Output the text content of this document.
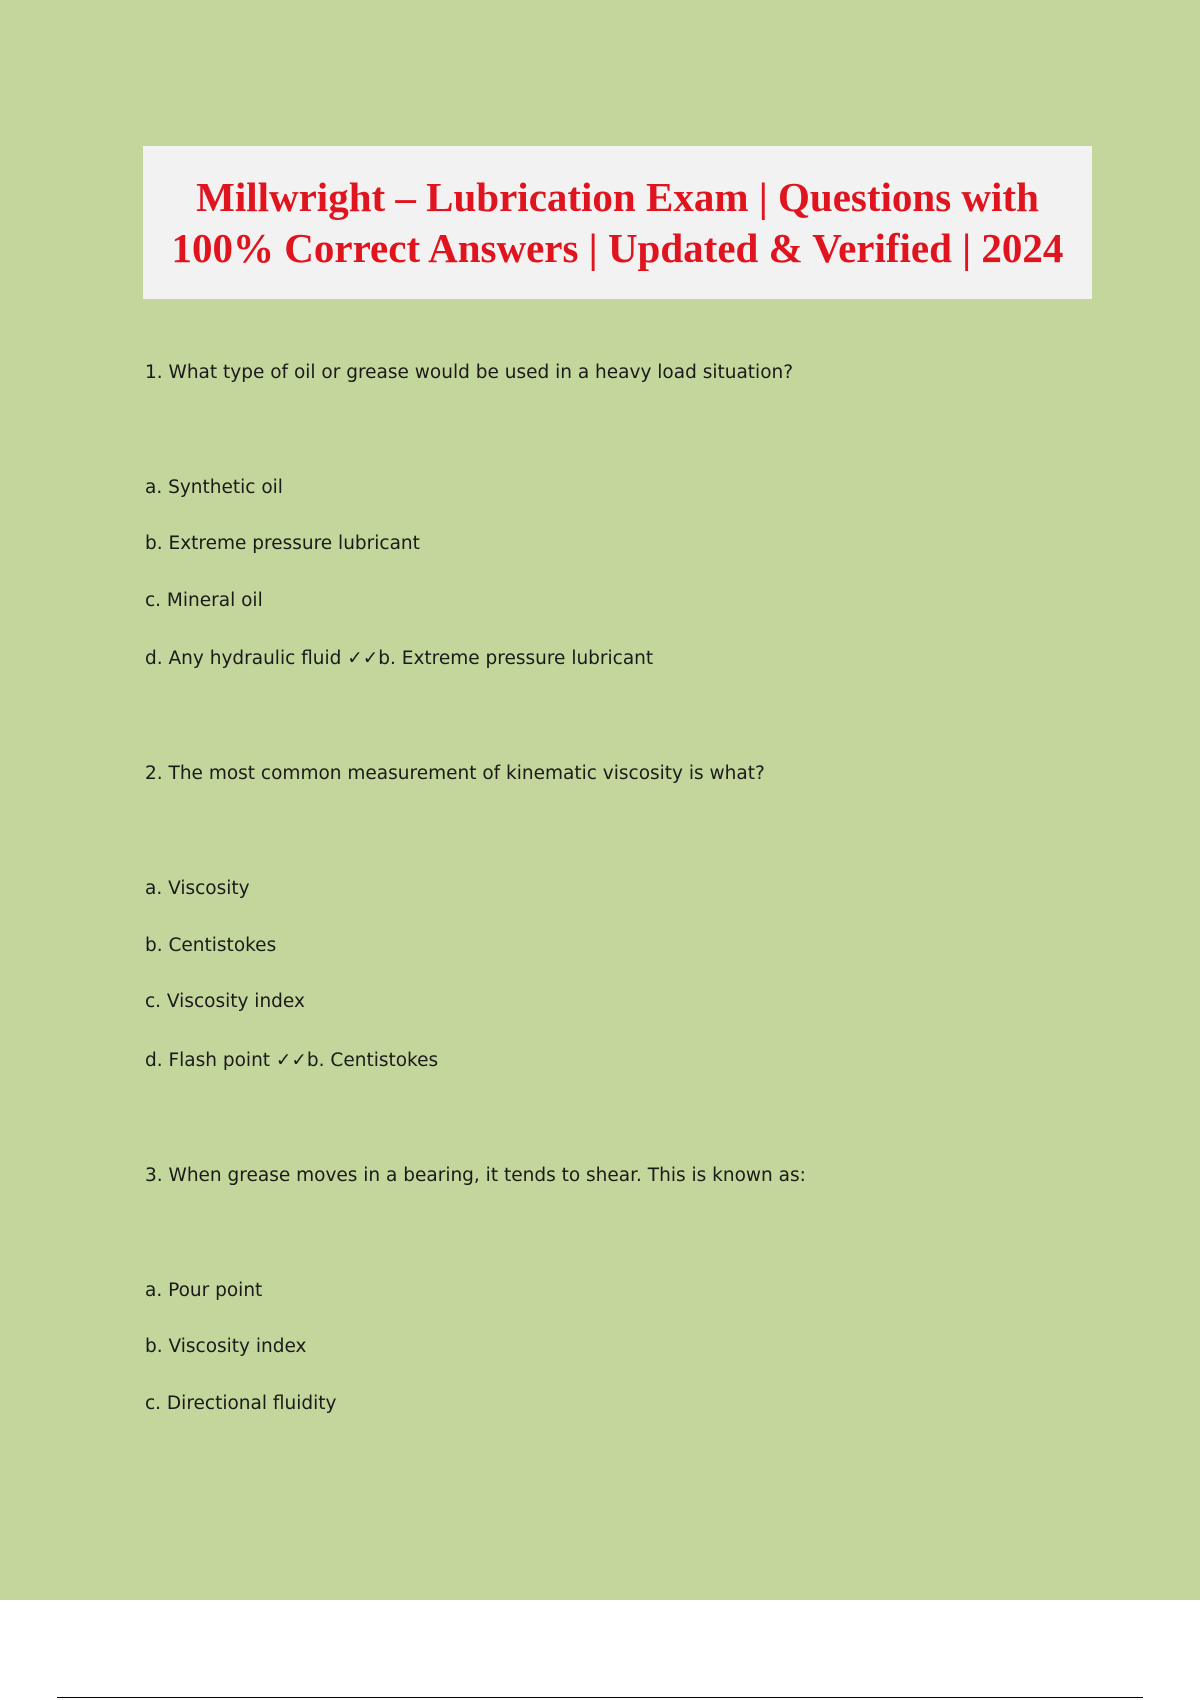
Millwright – Lubrication Exam | Questions with 100% Correct Answers | Updated & Verified | 2024

1. What type of oil or grease would be used in a heavy load situation?

a. Synthetic oil

b. Extreme pressure lubricant

c. Mineral oil

d. Any hydraulic fluid ✓✓b. Extreme pressure lubricant

2. The most common measurement of kinematic viscosity is what?

a. Viscosity

b. Centistokes

c. Viscosity index

d. Flash point ✓✓b. Centistokes

3. When grease moves in a bearing, it tends to shear. This is known as:

a. Pour point

b. Viscosity index

c. Directional fluidity
